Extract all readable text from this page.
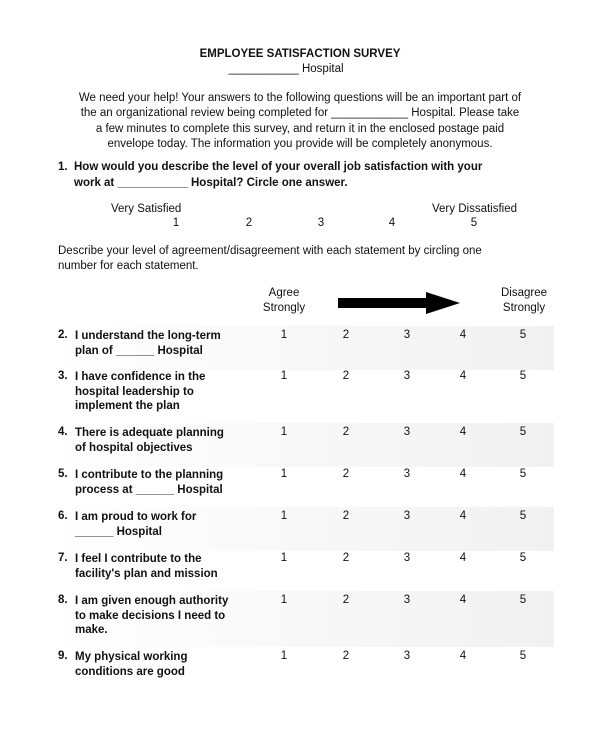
EMPLOYEE SATISFACTION SURVEY
___________ Hospital
We need your help! Your answers to the following questions will be an important part of
the an organizational review being completed for ____________ Hospital. Please take
a few minutes to complete this survey, and return it in the enclosed postage paid
envelope today. The information you provide will be completely anonymous.
1. How would you describe the level of your overall job satisfaction with your
work at ___________ Hospital? Circle one answer.
Very Satisfied	Very Dissatisfied
1	2	3	4	5
Describe your level of agreement/disagreement with each statement by circling one
number for each statement.
Agree
Strongly
Disagree
Strongly
2. I understand the long-term
plan of ______ Hospital
1	2	3	4	5
3. I have confidence in the
hospital leadership to
implement the plan
1	2	3	4	5
4. There is adequate planning
of hospital objectives
1	2	3	4	5
5. I contribute to the planning
process at ______ Hospital
1	2	3	4	5
6. I am proud to work for
______ Hospital
1	2	3	4	5
7. I feel I contribute to the
facility's plan and mission
1	2	3	4	5
8. I am given enough authority
to make decisions I need to
make.
1	2	3	4	5
9. My physical working
conditions are good
1	2	3	4	5
